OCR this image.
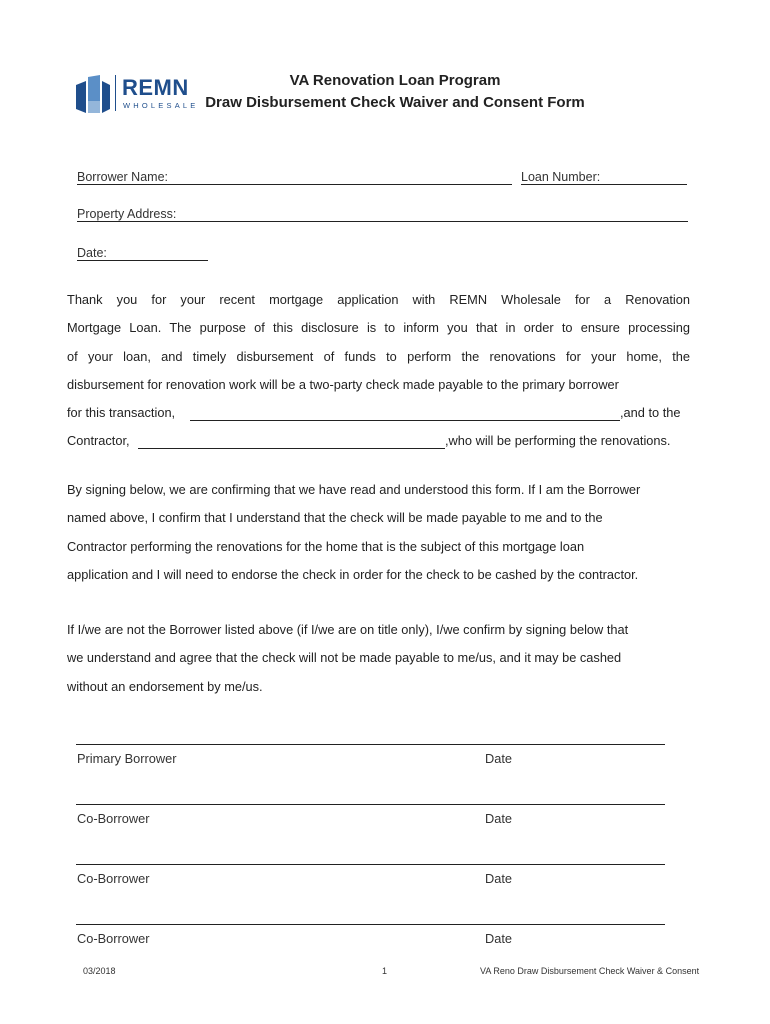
REMN
WHOLESALE
VA Renovation Loan Program
Draw Disbursement Check Waiver and Consent Form
Borrower Name:	Loan Number:
Property Address:
Date:
Thank you for your recent mortgage application with REMN Wholesale for a Renovation
Mortgage Loan. The purpose of this disclosure is to inform you that in order to ensure processing
of your loan, and timely disbursement of funds to perform the renovations for your home, the
disbursement for renovation work will be a two-party check made payable to the primary borrower
for this transaction,	,and to the
Contractor,	,who will be performing the renovations.
By signing below, we are confirming that we have read and understood this form. If I am the Borrower
named above, I confirm that I understand that the check will be made payable to me and to the
Contractor performing the renovations for the home that is the subject of this mortgage loan
application and I will need to endorse the check in order for the check to be cashed by the contractor.
If I/we are not the Borrower listed above (if I/we are on title only), I/we confirm by signing below that
we understand and agree that the check will not be made payable to me/us, and it may be cashed
without an endorsement by me/us.
Primary Borrower	Date
Co-Borrower	Date
Co-Borrower	Date
Co-Borrower	Date
03/2018	1	VA Reno Draw Disbursement Check Waiver & Consent
